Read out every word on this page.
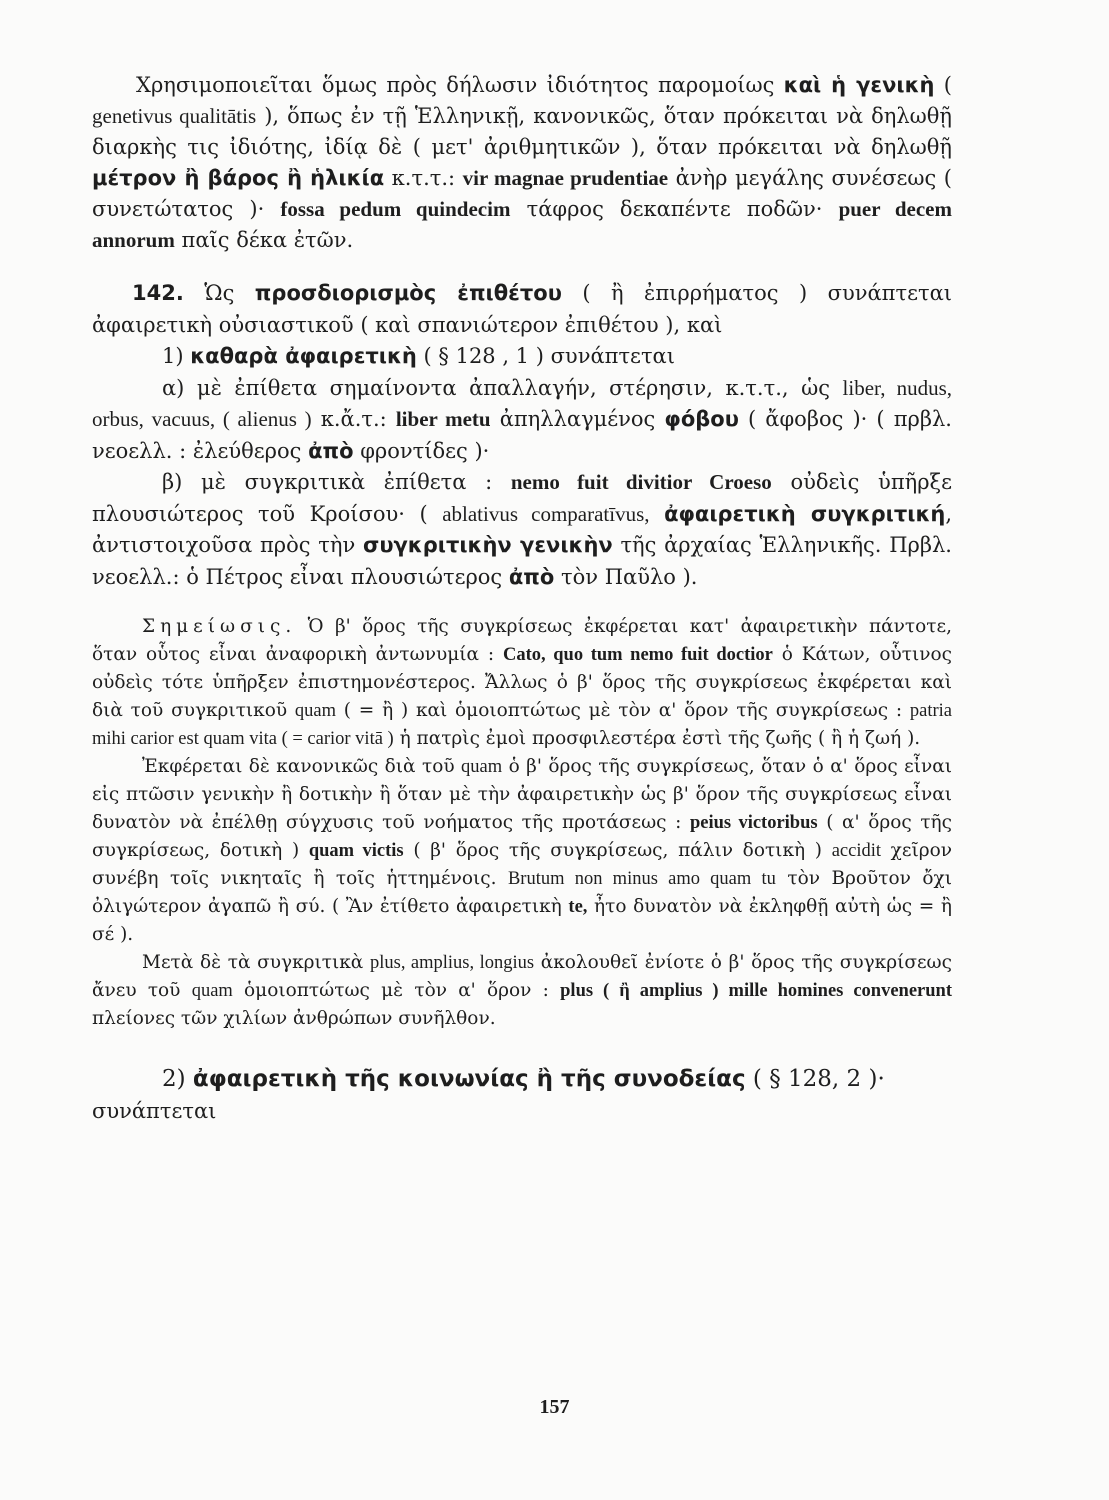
Χρησιμοποιεῖται ὅμως πρὸς δήλωσιν ἰδιότητος παρομοίως καὶ ἡ γενικὴ ( genetivus qualitātis ), ὅπως ἐν τῇ Ἑλληνικῇ, κανονικῶς, ὅταν πρόκειται νὰ δηλωθῇ διαρκὴς τις ἰδιότης, ἰδίᾳ δὲ ( μετ' ἀριθμητικῶν ), ὅταν πρόκειται νὰ δηλωθῇ μέτρον ἢ βάρος ἢ ἡλικία κ.τ.τ.: vir magnae prudentiae ἀνὴρ μεγάλης συνέσεως ( συνετώτατος )· fossa pedum quindecim τάφρος δεκαπέντε ποδῶν· puer decem annorum παῖς δέκα ἐτῶν.

142. Ὡς προσδιορισμὸς ἐπιθέτου ( ἢ ἐπιρρήματος ) συνάπτεται ἀφαιρετικὴ οὐσιαστικοῦ ( καὶ σπανιώτερον ἐπιθέτου ), καὶ

1) καθαρὰ ἀφαιρετικὴ ( § 128 , 1 ) συνάπτεται

α) μὲ ἐπίθετα σημαίνοντα ἀπαλλαγήν, στέρησιν, κ.τ.τ., ὡς liber, nudus, orbus, vacuus, ( alienus ) κ.ἄ.τ.: liber metu ἀπηλλαγμένος φόβου ( ἄφοβος )· ( πρβλ. νεοελλ. : ἐλεύθερος ἀπὸ φροντίδες )·

β) μὲ συγκριτικὰ ἐπίθετα : nemo fuit divitior Croeso οὐδεὶς ὑπῆρξε πλουσιώτερος τοῦ Κροίσου· ( ablativus comparatīvus, ἀφαιρετικὴ συγκριτική, ἀντιστοιχοῦσα πρὸς τὴν συγκριτικὴν γενικὴν τῆς ἀρχαίας Ἑλληνικῆς. Πρβλ. νεοελλ.: ὁ Πέτρος εἶναι πλουσιώτερος ἀπὸ τὸν Παῦλο ).

Σημείωσις. Ὁ β' ὅρος τῆς συγκρίσεως ἐκφέρεται κατ' ἀφαιρετικὴν πάντοτε, ὅταν οὗτος εἶναι ἀναφορικὴ ἀντωνυμία : Cato, quo tum nemo fuit doctior ὁ Κάτων, οὗτινος οὐδεὶς τότε ὑπῆρξεν ἐπιστημονέστερος. Ἄλλως ὁ β' ὅρος τῆς συγκρίσεως ἐκφέρεται καὶ διὰ τοῦ συγκριτικοῦ quam ( = ἢ ) καὶ ὁμοιοπτώτως μὲ τὸν α' ὅρον τῆς συγκρίσεως : patria mihi carior est quam vita ( = carior vitā ) ἡ πατρὶς ἐμοὶ προσφιλεστέρα ἐστὶ τῆς ζωῆς ( ἢ ἡ ζωή ).

Ἐκφέρεται δὲ κανονικῶς διὰ τοῦ quam ὁ β' ὅρος τῆς συγκρίσεως, ὅταν ὁ α' ὅρος εἶναι εἰς πτῶσιν γενικὴν ἢ δοτικὴν ἢ ὅταν μὲ τὴν ἀφαιρετικὴν ὡς β' ὅρον τῆς συγκρίσεως εἶναι δυνατὸν νὰ ἐπέλθῃ σύγχυσις τοῦ νοήματος τῆς προτάσεως : peius victoribus ( α' ὅρος τῆς συγκρίσεως, δοτικὴ ) quam victis ( β' ὅρος τῆς συγκρίσεως, πάλιν δοτικὴ ) accidit χεῖρον συνέβη τοῖς νικηταῖς ἢ τοῖς ἡττημένοις. Brutum non minus amo quam tu τὸν Βροῦτον ὄχι ὀλιγώτερον ἀγαπῶ ἢ σύ. ( Ἂν ἐτίθετο ἀφαιρετικὴ te, ἦτο δυνατὸν νὰ ἐκληφθῇ αὐτὴ ὡς = ἢ σέ ).

Μετὰ δὲ τὰ συγκριτικὰ plus, amplius, longius ἀκολουθεῖ ἐνίοτε ὁ β' ὅρος τῆς συγκρίσεως ἄνευ τοῦ quam ὁμοιοπτώτως μὲ τὸν α' ὅρον : plus ( ἢ amplius ) mille homines convenerunt πλείονες τῶν χιλίων ἀνθρώπων συνῆλθον.

2) ἀφαιρετικὴ τῆς κοινωνίας ἢ τῆς συνοδείας ( § 128, 2 )·

συνάπτεται

157
